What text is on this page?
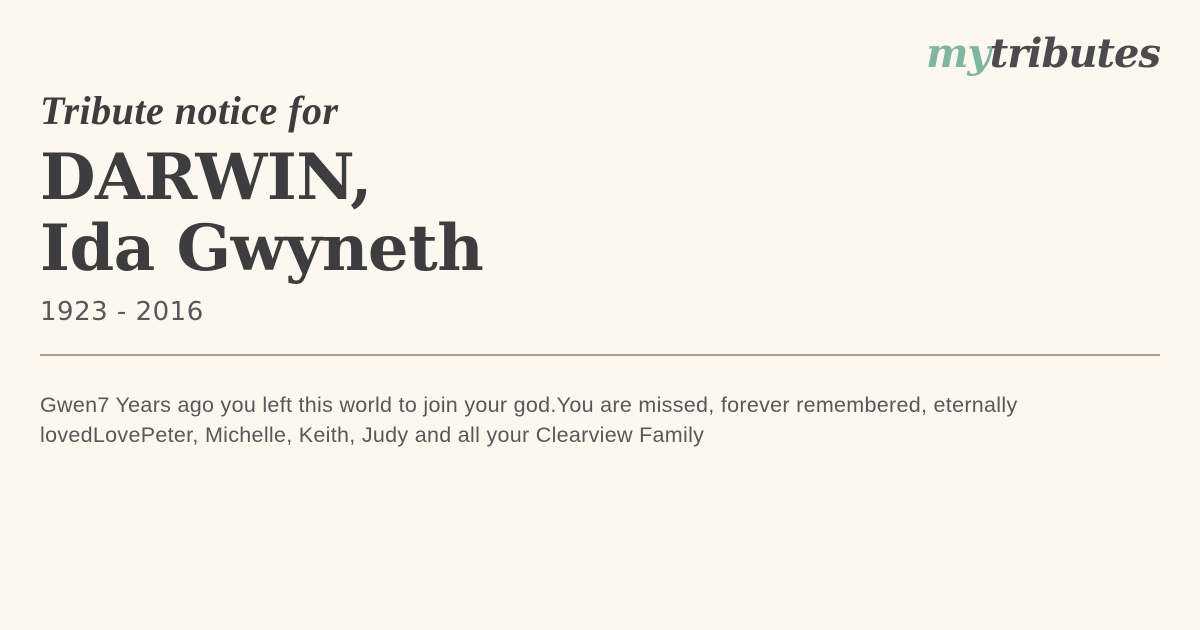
mytributes
Tribute notice for
DARWIN,
Ida Gwyneth
1923 - 2016

Gwen7 Years ago you left this world to join your god.You are missed, forever remembered, eternally lovedLovePeter, Michelle, Keith, Judy and all your Clearview Family
